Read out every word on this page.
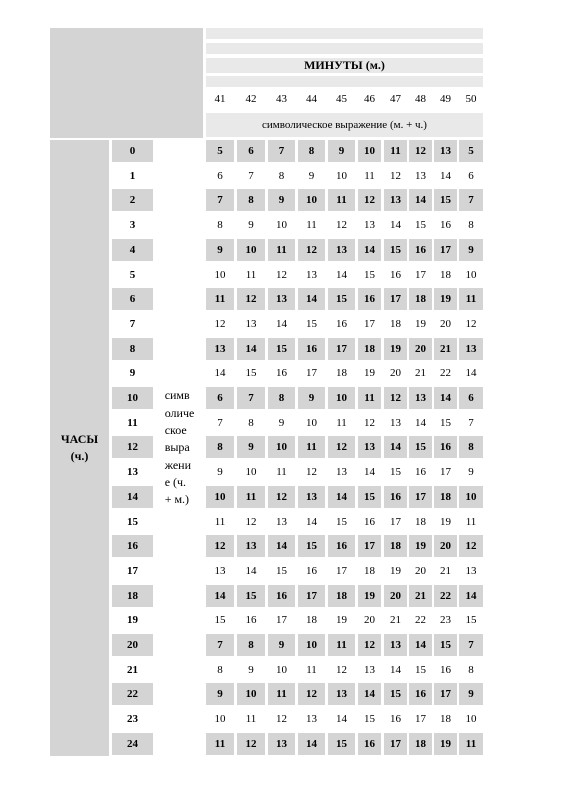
МИНУТЫ (м.)
41	42	43	44	45	46	47	48	49	50
символическое выражение (м. + ч.)
ЧАСЫ
(ч.)
симв
оличе
ское
выра
жени
е (ч.
+ м.)
0	5	6	7	8	9	10	11	12	13	5
1	6	7	8	9	10	11	12	13	14	6
2	7	8	9	10	11	12	13	14	15	7
3	8	9	10	11	12	13	14	15	16	8
4	9	10	11	12	13	14	15	16	17	9
5	10	11	12	13	14	15	16	17	18	10
6	11	12	13	14	15	16	17	18	19	11
7	12	13	14	15	16	17	18	19	20	12
8	13	14	15	16	17	18	19	20	21	13
9	14	15	16	17	18	19	20	21	22	14
10	6	7	8	9	10	11	12	13	14	6
11	7	8	9	10	11	12	13	14	15	7
12	8	9	10	11	12	13	14	15	16	8
13	9	10	11	12	13	14	15	16	17	9
14	10	11	12	13	14	15	16	17	18	10
15	11	12	13	14	15	16	17	18	19	11
16	12	13	14	15	16	17	18	19	20	12
17	13	14	15	16	17	18	19	20	21	13
18	14	15	16	17	18	19	20	21	22	14
19	15	16	17	18	19	20	21	22	23	15
20	7	8	9	10	11	12	13	14	15	7
21	8	9	10	11	12	13	14	15	16	8
22	9	10	11	12	13	14	15	16	17	9
23	10	11	12	13	14	15	16	17	18	10
24	11	12	13	14	15	16	17	18	19	11
